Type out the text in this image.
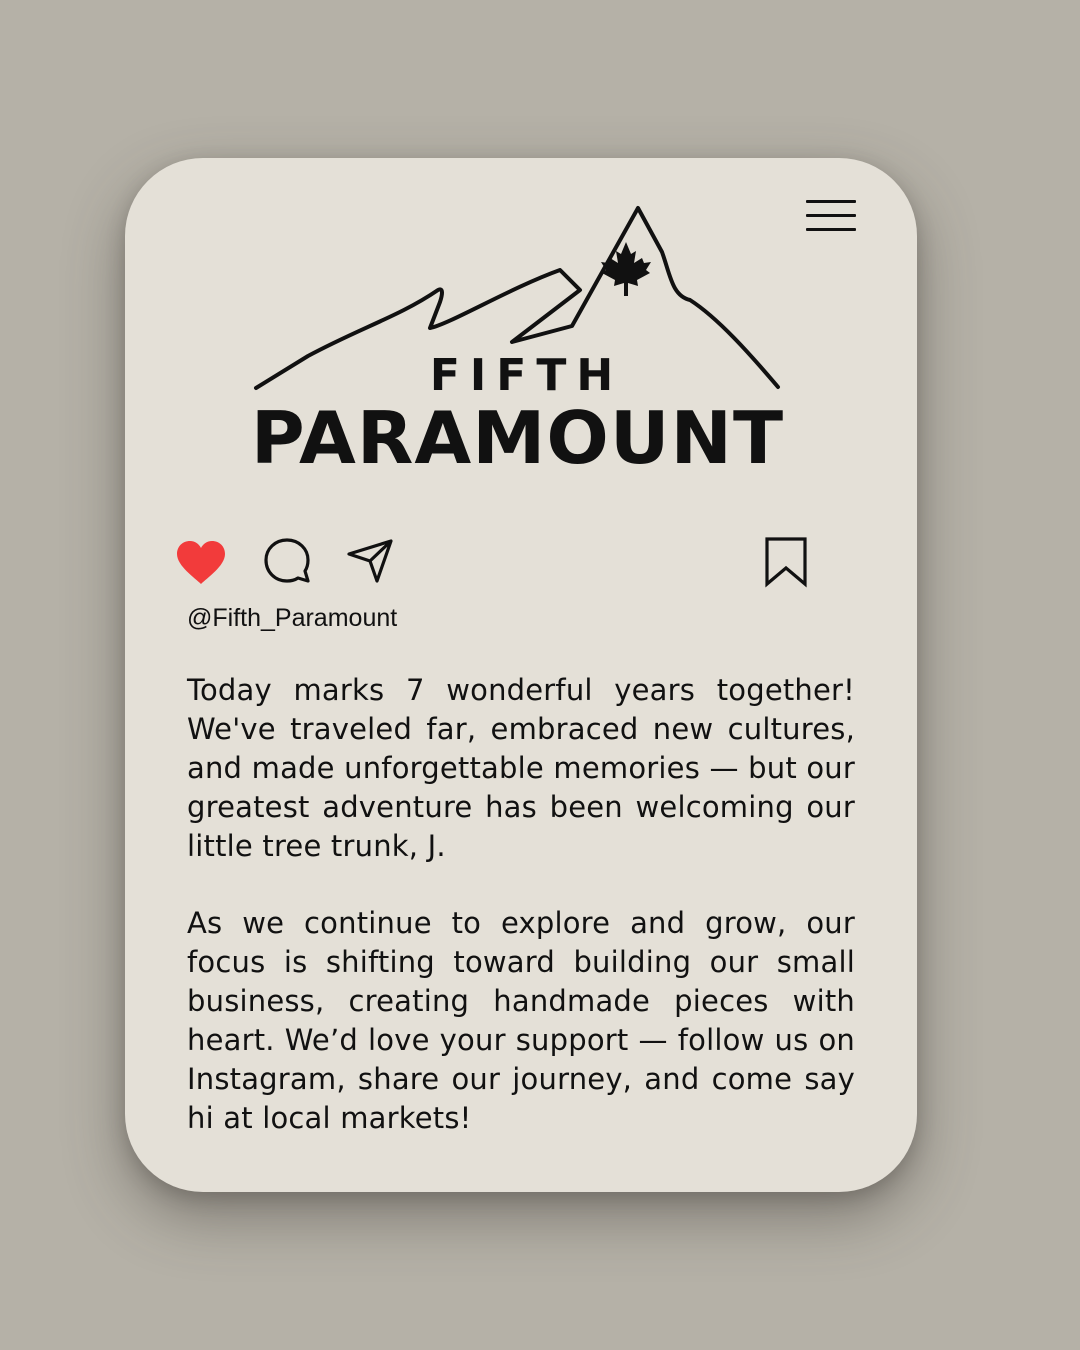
FIFTH
PARAMOUNT
@Fifth_Paramount

Today marks 7 wonderful years together! We've traveled far, embraced new cultures, and made unforgettable memories — but our greatest adventure has been welcoming our little tree trunk, J.

As we continue to explore and grow, our focus is shifting toward building our small business, creating handmade pieces with heart. We’d love your support — follow us on Instagram, share our journey, and come say hi at local markets!
